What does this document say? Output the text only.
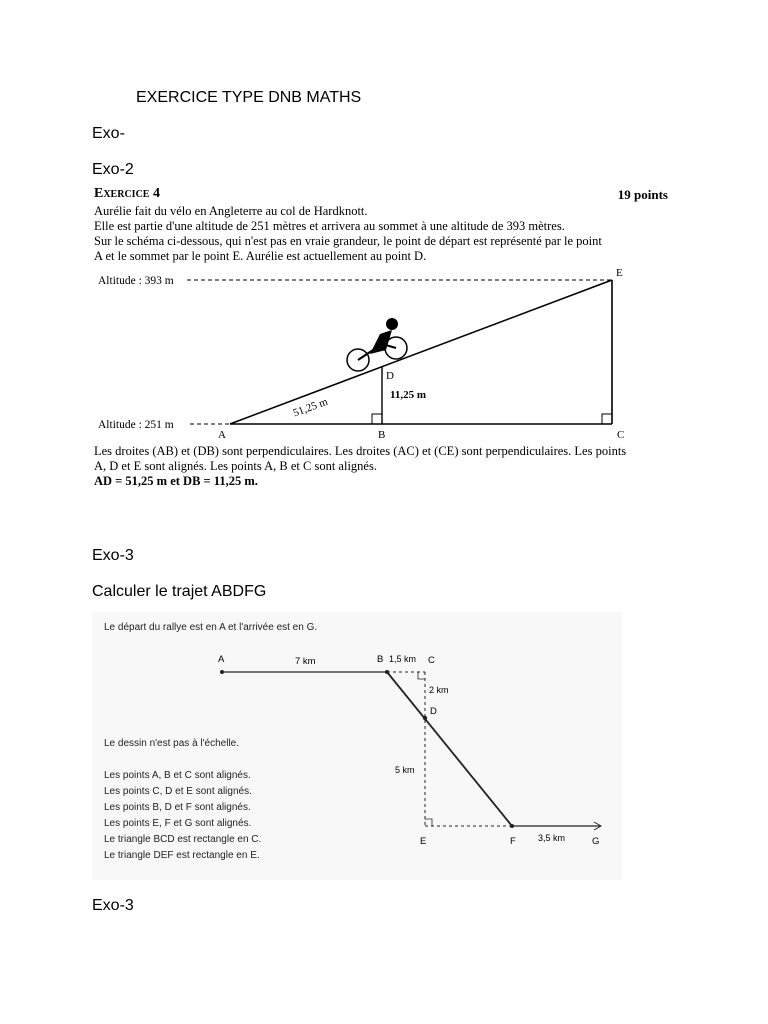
EXERCICE TYPE DNB MATHS
Exo-
Exo-2
Exercice 4	19 points
Aurélie fait du vélo en Angleterre au col de Hardknott.
Elle est partie d'une altitude de 251 mètres et arrivera au sommet à une altitude de 393 mètres.
Sur le schéma ci-dessous, qui n'est pas en vraie grandeur, le point de départ est représenté par le point
A et le sommet par le point E. Aurélie est actuellement au point D.
Altitude : 393 m
Altitude : 251 m
A	B	C
D
E
51,25 m
11,25 m
Les droites (AB) et (DB) sont perpendiculaires. Les droites (AC) et (CE) sont perpendiculaires. Les points
A, D et E sont alignés. Les points A, B et C sont alignés.
AD = 51,25 m et DB = 11,25 m.
Exo-3
Calculer le trajet ABDFG
Le départ du rallye est en A et l'arrivée est en G.
Le dessin n'est pas à l'échelle.
Les points A, B et C sont alignés.
Les points C, D et E sont alignés.
Les points B, D et F sont alignés.
Les points E, F et G sont alignés.
Le triangle BCD est rectangle en C.
Le triangle DEF est rectangle en E.
A	7 km	B 1,5 km C
2 km
D
5 km
E	F 3,5 km	G
Exo-3
